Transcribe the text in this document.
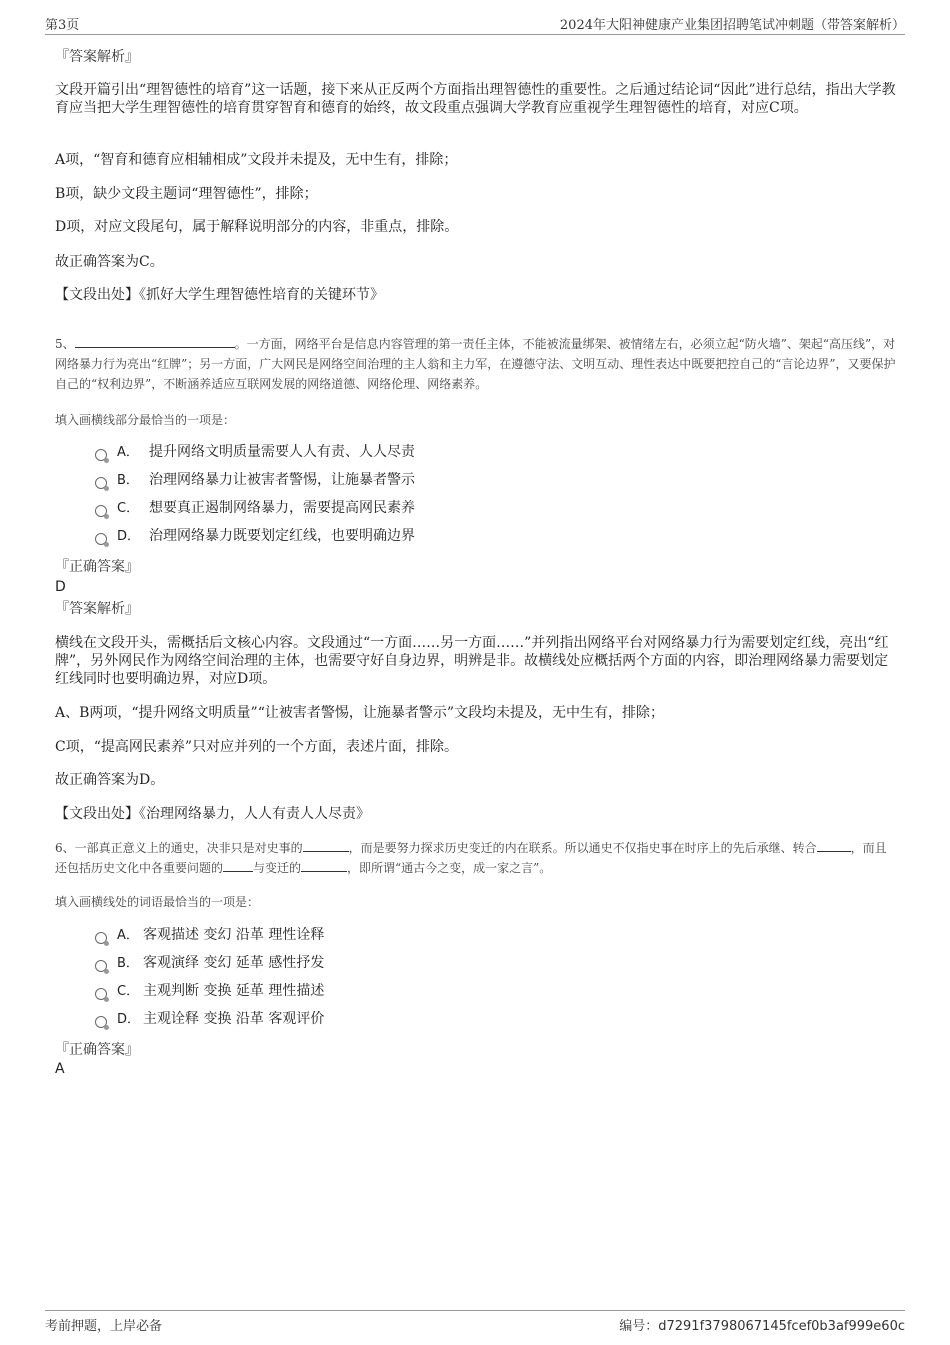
第3页	2024年大阳神健康产业集团招聘笔试冲刺题（带答案解析）
『答案解析』

文段开篇引出“理智德性的培育”这一话题，接下来从正反两个方面指出理智德性的重要性。之后通过结论词“因此”进行总结，指出大学教育应当把大学生理智德性的培育贯穿智育和德育的始终，故文段重点强调大学教育应重视学生理智德性的培育，对应C项。

A项，“智育和德育应相辅相成”文段并未提及，无中生有，排除；

B项，缺少文段主题词“理智德性”，排除；

D项，对应文段尾句，属于解释说明部分的内容，非重点，排除。

故正确答案为C。

【文段出处】《抓好大学生理智德性培育的关键环节》

5、	。一方面，网络平台是信息内容管理的第一责任主体，不能被流量绑架、被情绪左右，必须立起“防火墙”、架起“高压线”，对网络暴力行为亮出“红牌”；另一方面，广大网民是网络空间治理的主人翁和主力军，在遵德守法、文明互动、理性表达中既要把控自己的“言论边界”，又要保护自己的“权利边界”，不断涵养适应互联网发展的网络道德、网络伦理、网络素养。
填入画横线部分最恰当的一项是：
A． 提升网络文明质量需要人人有责、人人尽责
B． 治理网络暴力让被害者警惕，让施暴者警示
C． 想要真正遏制网络暴力，需要提高网民素养
D． 治理网络暴力既要划定红线，也要明确边界
『正确答案』
D
『答案解析』

横线在文段开头，需概括后文核心内容。文段通过“一方面……另一方面……”并列指出网络平台对网络暴力行为需要划定红线，亮出“红牌”，另外网民作为网络空间治理的主体，也需要守好自身边界，明辨是非。故横线处应概括两个方面的内容，即治理网络暴力需要划定红线同时也要明确边界，对应D项。

A、B两项，“提升网络文明质量”“让被害者警惕，让施暴者警示”文段均未提及，无中生有，排除；

C项，“提高网民素养”只对应并列的一个方面，表述片面，排除。

故正确答案为D。

【文段出处】《治理网络暴力，人人有责人人尽责》

6、一部真正意义上的通史，决非只是对史事的	，而是要努力探求历史变迁的内在联系。所以通史不仅指史事在时序上的先后承继、转合	，而且还包括历史文化中各重要问题的	与变迁的	，即所谓“通古今之变，成一家之言”。
填入画横线处的词语最恰当的一项是：
A． 客观描述 变幻 沿革 理性诠释
B． 客观演绎 变幻 延革 感性抒发
C． 主观判断 变换 延革 理性描述
D． 主观诠释 变换 沿革 客观评价
『正确答案』
A
考前押题，上岸必备	编号：d7291f3798067145fcef0b3af999e60c
